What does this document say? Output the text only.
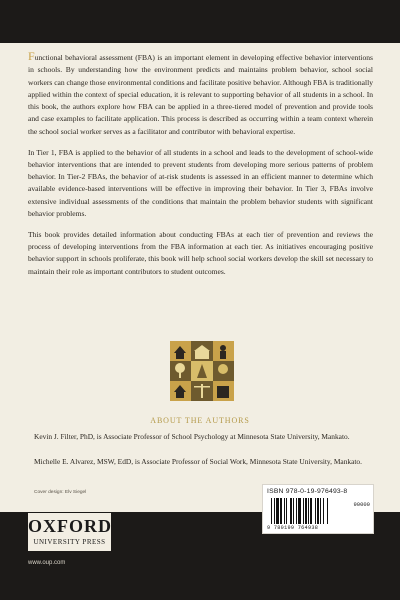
Functional behavioral assessment (FBA) is an important element in developing effective behavior interventions in schools. By understanding how the environment predicts and maintains problem behavior, school social workers can change those environmental conditions and facilitate positive behavior. Although FBA is traditionally applied within the context of special education, it is relevant to supporting behavior of all students in a school. In this book, the authors explore how FBA can be applied in a three-tiered model of prevention and provide tools and case examples to facilitate application. This process is described as occurring within a team context wherein the school social worker serves as a facilitator and contributor with behavioral expertise.

In Tier 1, FBA is applied to the behavior of all students in a school and leads to the development of school-wide behavior interventions that are intended to prevent students from developing more serious patterns of problem behavior. In Tier-2 FBAs, the behavior of at-risk students is assessed in an efficient manner to determine which available evidence-based interventions will be effective in improving their behavior. In Tier 3, FBAs involve extensive individual assessments of the conditions that maintain the problem behavior students with significant behavior problems.

This book provides detailed information about conducting FBAs at each tier of prevention and reviews the process of developing interventions from the FBA information at each tier. As initiatives encouraging positive behavior support in schools proliferate, this book will help school social workers develop the skill set necessary to maintain their role as important contributors to student outcomes.

ABOUT THE AUTHORS
Kevin J. Filter, PhD, is Associate Professor of School Psychology at Minnesota State University, Mankato.
Michelle E. Alvarez, MSW, EdD, is Associate Professor of Social Work, Minnesota State University, Mankato.
Cover design: Elv Siegel	ISBN 978-0-19-976493-8
90000
9 780199 764938
OXFORD
UNIVERSITY PRESS
www.oup.com
